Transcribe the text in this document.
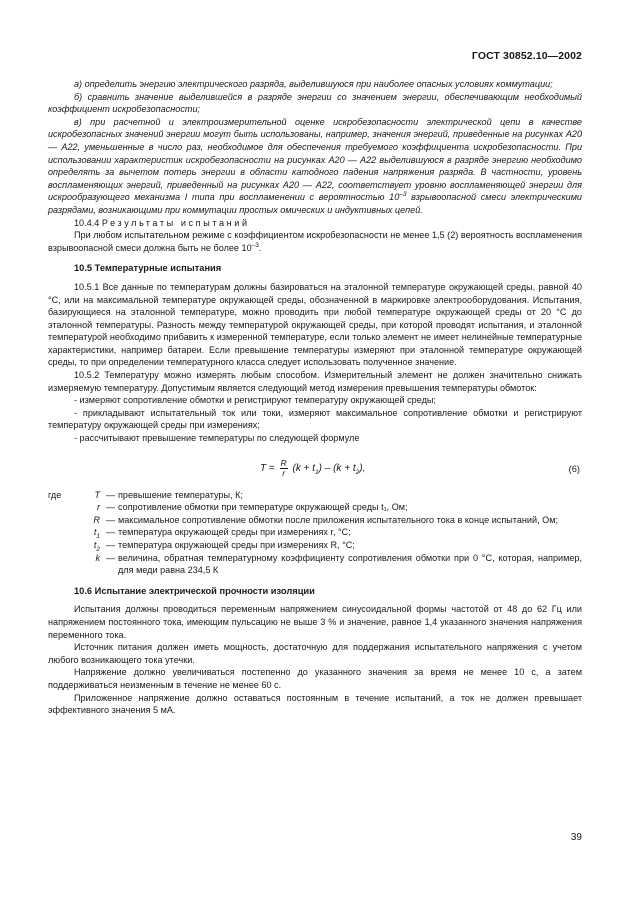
ГОСТ 30852.10—2002

а) определить энергию электрического разряда, выделившуюся при наиболее опасных условиях коммутации;

б) сравнить значение выделившейся в разряде энергии со значением энергии, обеспечивающим необходимый коэффициент искробезопасности;

в) при расчетной и электроизмерительной оценке искробезопасности электрической цепи в качестве искробезопасных значений энергии могут быть использованы, например, значения энергий, приведенные на рисунках А20 — А22, уменьшенные в число раз, необходимое для обеспечения требуемого коэффициента искробезопасности. При использовании характеристик искробезопасности на рисунках А20 — А22 выделившуюся в разряде энергию необходимо определять за вычетом потерь энергии в области катодного падения напряжения разряда. В частности, уровень воспламеняющих энергий, приведенный на рисунках А20 — А22, соответствует уровню воспламеняющей энергии для искрообразующего механизма I типа при воспламенении с вероятностью $10^{-3}$ взрывоопасной смеси электрическими разрядами, возникающими при коммутации простых омических и индуктивных цепей.

10.4.4 Результаты испытаний

При любом испытательном режиме с коэффициентом искробезопасности не менее 1,5 (2) вероятность воспламенения взрывоопасной смеси должна быть не более $10^{-3}$.

10.5 Температурные испытания

10.5.1 Все данные по температурам должны базироваться на эталонной температуре окружающей среды, равной 40 °С, или на максимальной температуре окружающей среды, обозначенной в маркировке электрооборудования. Испытания, базирующиеся на эталонной температуре, можно проводить при любой температуре окружающей среды от 20 °С до эталонной температуры. Разность между температурой окружающей среды, при которой проводят испытания, и эталонной температурой необходимо прибавить к измеренной температуре, если только элемент не имеет нелинейные температурные характеристики, например батареи. Если превышение температуры измеряют при эталонной температуре окружающей среды, то при определении температурного класса следует использовать полученное значение.

10.5.2 Температуру можно измерять любым способом. Измерительный элемент не должен значительно снижать измеряемую температуру. Допустимым является следующий метод измерения превышения температуры обмоток:

- измеряют сопротивление обмотки и регистрируют температуру окружающей среды;

- прикладывают испытательный ток или токи, измеряют максимальное сопротивление обмотки и регистрируют температуру окружающей среды при измерениях;

- рассчитывают превышение температуры по следующей формуле

$T = \frac{R}{r} (k + t_1) - (k + t_2)$,	(6)
где	T — превышение температуры, К;
r — сопротивление обмотки при температуре окружающей среды t₁, Ом;
R — максимальное сопротивление обмотки после приложения испытательного тока в конце испытаний, Ом;
$t_1$ — температура окружающей среды при измерениях r, °С;
$t_2$ — температура окружающей среды при измерениях R, °С;
k — величина, обратная температурному коэффициенту сопротивления обмотки при 0 °С, которая, например, для меди равна 234,5 К

10.6 Испытание электрической прочности изоляции

Испытания должны проводиться переменным напряжением синусоидальной формы частотой от 48 до 62 Гц или напряжением постоянного тока, имеющим пульсацию не выше 3 % и значение, равное 1,4 указанного значения напряжения переменного тока.

Источник питания должен иметь мощность, достаточную для поддержания испытательного напряжения с учетом любого возникающего тока утечки.

Напряжение должно увеличиваться постепенно до указанного значения за время не менее 10 с, а затем поддерживаться неизменным в течение не менее 60 с.

Приложенное напряжение должно оставаться постоянным в течение испытаний, а ток не должен превышает эффективного значения 5 мА.

39
